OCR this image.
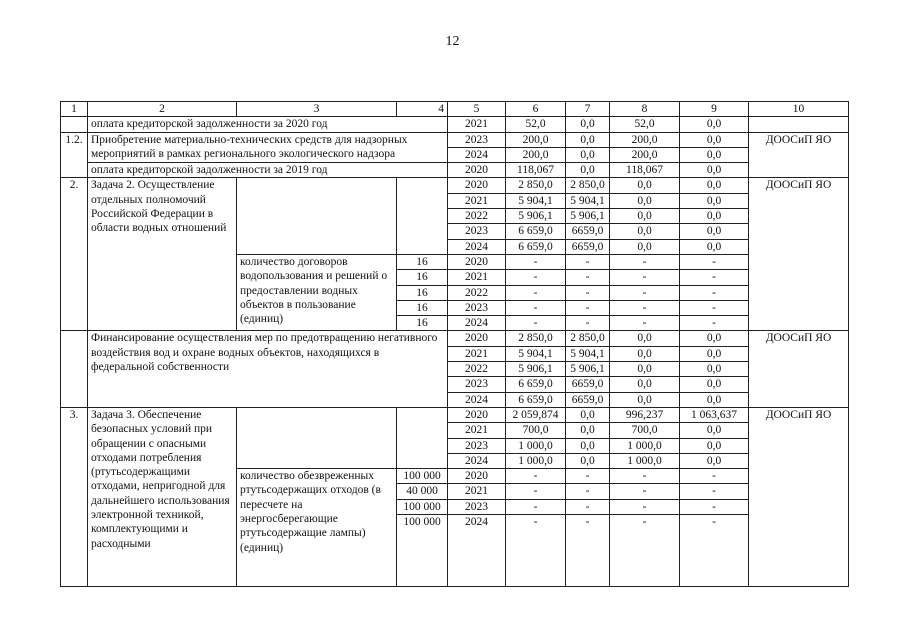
12
1	2	3	4	5	6	7	8	9	10
	оплата кредиторской задолженности за 2020 год			2021	52,0	0,0	52,0	0,0	
1.2.	Приобретение материально-технических средств для надзорных мероприятий в рамках регионального экологического надзора			2023	200,0	0,0	200,0	0,0	ДООСиП ЯО
				2024	200,0	0,0	200,0	0,0	

	оплата кредиторской задолженности за 2019 год			2020	118,067	0,0	118,067	0,0	
2.	Задача 2. Осуществление отдельных полномочий Российской Федерации в области водных отношений			2020	2 850,0	2 850,0	0,0	0,0	ДООСиП ЯО
				2021	5 904,1	5 904,1	0,0	0,0	
				2022	5 906,1	5 906,1	0,0	0,0	
				2023	6 659,0	6659,0	0,0	0,0	
				2024	6 659,0	6659,0	0,0	0,0	
		количество договоров водопользования и решений о предоставлении водных объектов в пользование (единиц)	16	2020	-	-	-	-	
			16	2021	-	-	-	-	
			16	2022	-	-	-	-	
			16	2023	-	-	-	-	
			16	2024	-	-	-	-	
	Финансирование осуществления мер по предотвращению негативного воздействия вод и охране водных объектов, находящихся в федеральной собственности			2020	2 850,0	2 850,0	0,0	0,0	ДООСиП ЯО
				2021	5 904,1	5 904,1	0,0	0,0	
				2022	5 906,1	5 906,1	0,0	0,0	
				2023	6 659,0	6659,0	0,0	0,0	
				2024	6 659,0	6659,0	0,0	0,0	
3.	Задача 3. Обеспечение безопасных условий при обращении с опасными отходами потребления (ртутьсодержащими отходами, непригодной для дальнейшего использования электронной техникой, комплектующими и расходными			2020	2 059,874	0,0	996,237	1 063,637	ДООСиП ЯО
				2021	700,0	0,0	700,0	0,0	
				2023	1 000,0	0,0	1 000,0	0,0	
				2024	1 000,0	0,0	1 000,0	0,0	
		количество обезвреженных ртутьсодержащих отходов (в пересчете на энергосберегающие ртутьсодержащие лампы) (единиц)	100 000	2020	-	-	-	-	
			40 000	2021	-	-	-	-	
			100 000	2023	-	-	-	-	
			100 000	2024	-	-	-	-	
